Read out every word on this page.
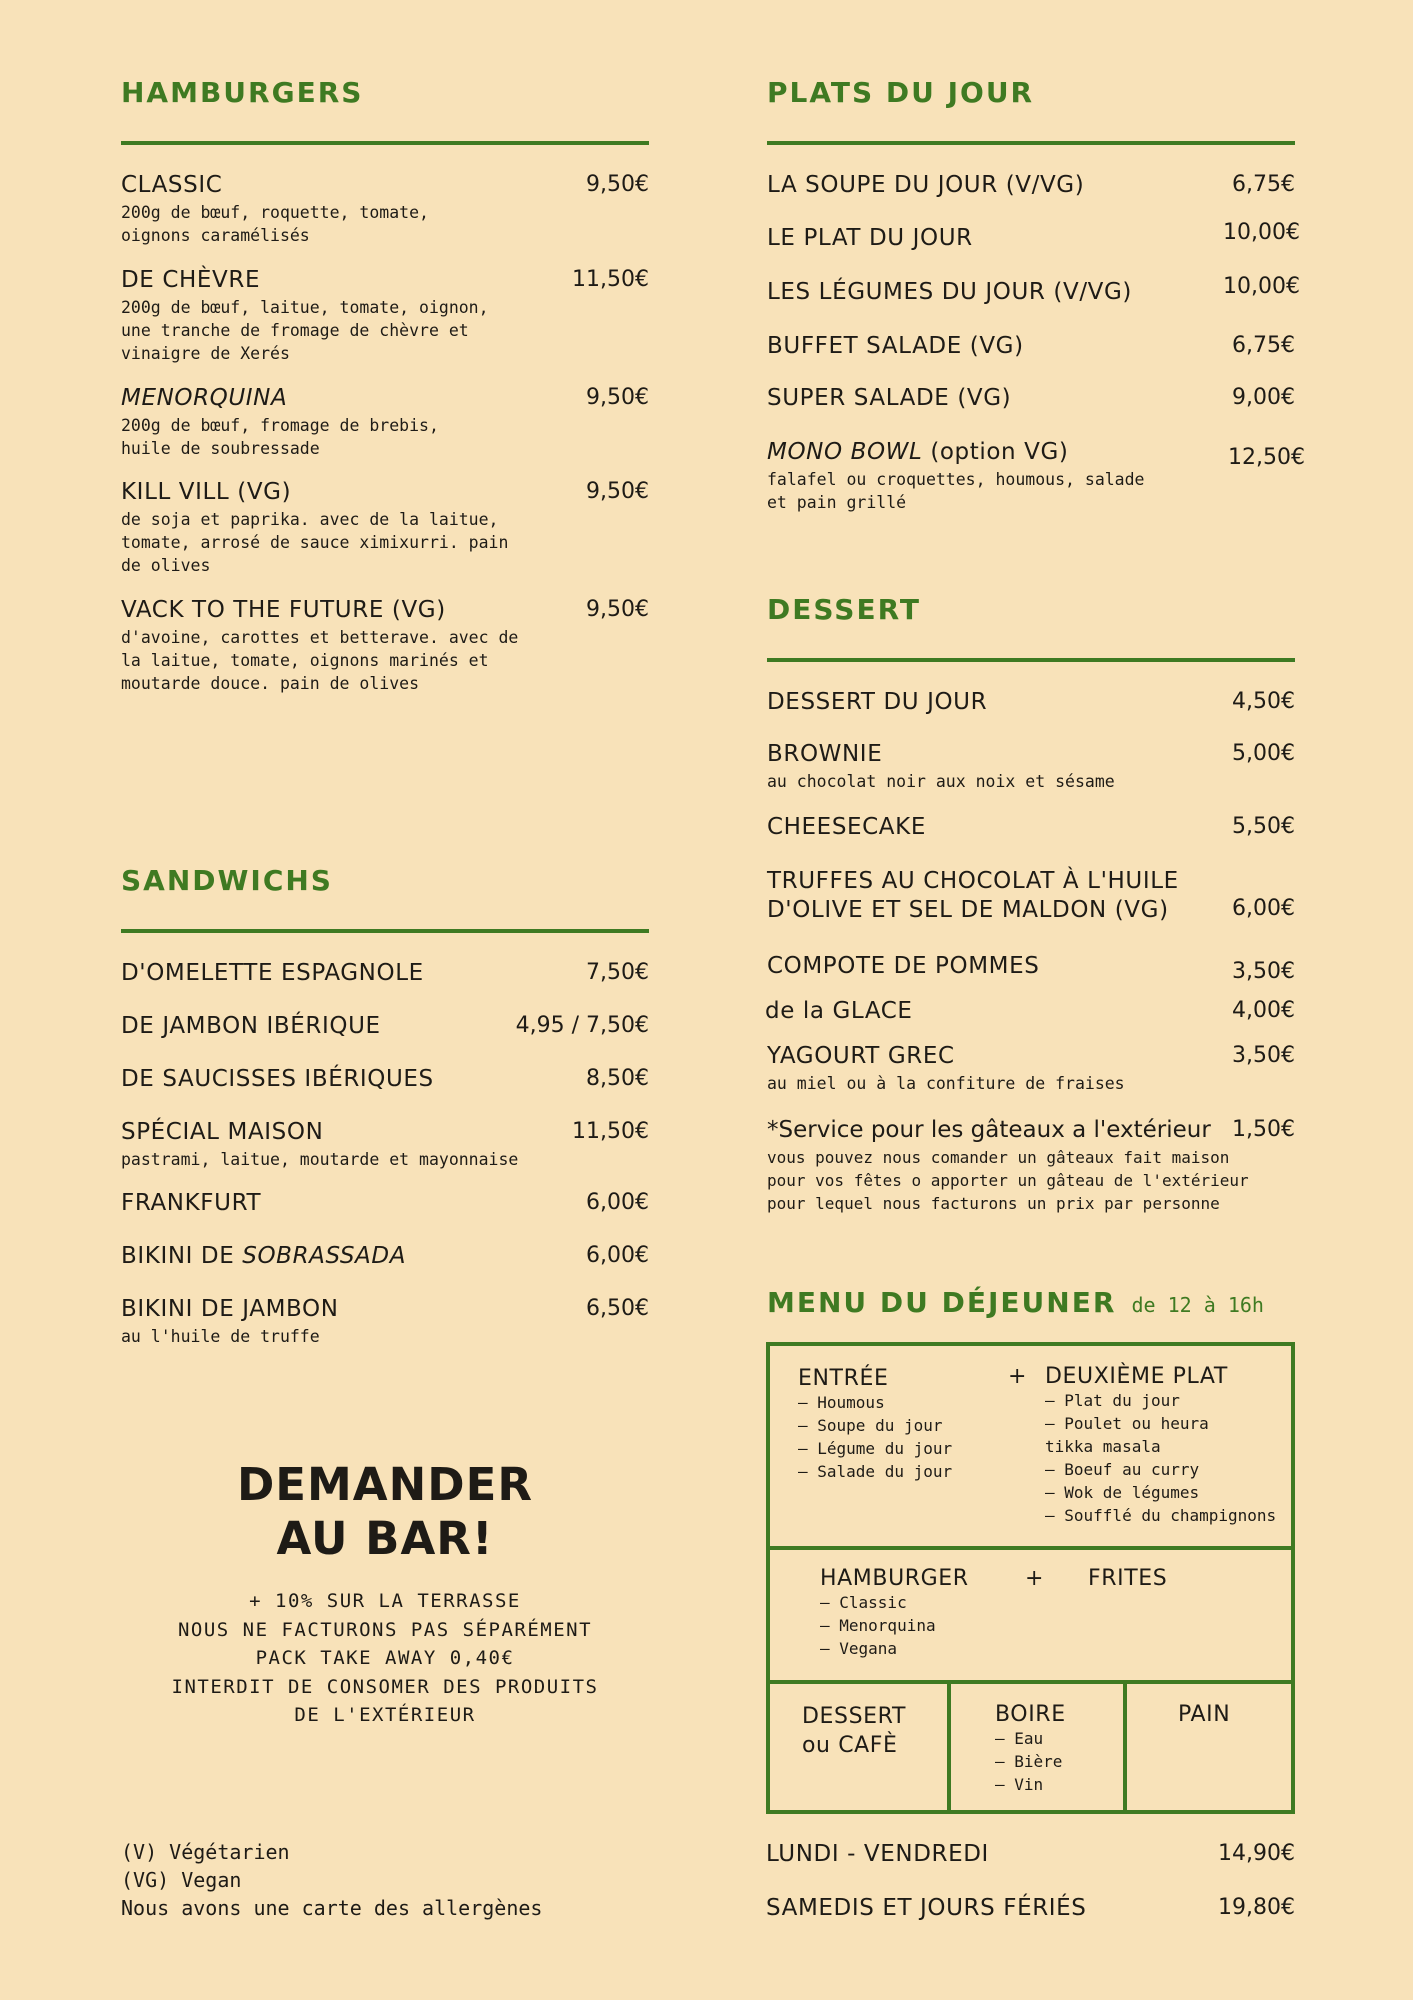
HAMBURGERS
CLASSIC	9,50€
200g de bœuf, roquette, tomate,
oignons caramélisés
DE CHÈVRE	11,50€
200g de bœuf, laitue, tomate, oignon,
une tranche de fromage de chèvre et
vinaigre de Xerés
MENORQUINA	9,50€
200g de bœuf, fromage de brebis,
huile de soubressade
KILL VILL (VG)	9,50€
de soja et paprika. avec de la laitue,
tomate, arrosé de sauce ximixurri. pain
de olives
VACK TO THE FUTURE (VG)	9,50€
d'avoine, carottes et betterave. avec de
la laitue, tomate, oignons marinés et
moutarde douce. pain de olives
SANDWICHS
D'OMELETTE ESPAGNOLE	7,50€
DE JAMBON IBÉRIQUE	4,95 / 7,50€
DE SAUCISSES IBÉRIQUES	8,50€
SPÉCIAL MAISON	11,50€
pastrami, laitue, moutarde et mayonnaise
FRANKFURT	6,00€
BIKINI DE SOBRASSADA	6,00€
BIKINI DE JAMBON	6,50€
au l'huile de truffe
DEMANDER
AU BAR!
+ 10% SUR LA TERRASSE
NOUS NE FACTURONS PAS SÉPARÉMENT
PACK TAKE AWAY 0,40€
INTERDIT DE CONSOMER DES PRODUITS
DE L'EXTÉRIEUR
(V) Végétarien
(VG) Vegan
Nous avons une carte des allergènes
PLATS DU JOUR
LA SOUPE DU JOUR (V/VG)	6,75€
LE PLAT DU JOUR	10,00€
LES LÉGUMES DU JOUR (V/VG)	10,00€
BUFFET SALADE (VG)	6,75€
SUPER SALADE (VG)	9,00€
MONO BOWL (option VG)	12,50€
falafel ou croquettes, houmous, salade
et pain grillé
DESSERT
DESSERT DU JOUR	4,50€
BROWNIE	5,00€
au chocolat noir aux noix et sésame
CHEESECAKE	5,50€
TRUFFES AU CHOCOLAT À L'HUILE
D'OLIVE ET SEL DE MALDON (VG)	6,00€
COMPOTE DE POMMES	3,50€
de la GLACE	4,00€
YAGOURT GREC	3,50€
au miel ou à la confiture de fraises
*Service pour les gâteaux a l'extérieur 1,50€
vous pouvez nous comander un gâteaux fait maison
pour vos fêtes o apporter un gâteau de l'extérieur
pour lequel nous facturons un prix par personne
MENU DU DÉJEUNER de 12 à 16h
ENTRÉE
– Houmous
– Soupe du jour
– Légume du jour
– Salade du jour
+ DEUXIÈME PLAT
– Plat du jour
– Poulet ou heura
tikka masala
– Boeuf au curry
– Wok de légumes
– Soufflé du champignons
HAMBURGER
– Classic
– Menorquina
– Vegana
+ FRITES
DESSERT
ou CAFÈ
BOIRE
– Eau
– Bière
– Vin
PAIN
LUNDI - VENDREDI	14,90€
SAMEDIS ET JOURS FÉRIÉS	19,80€
